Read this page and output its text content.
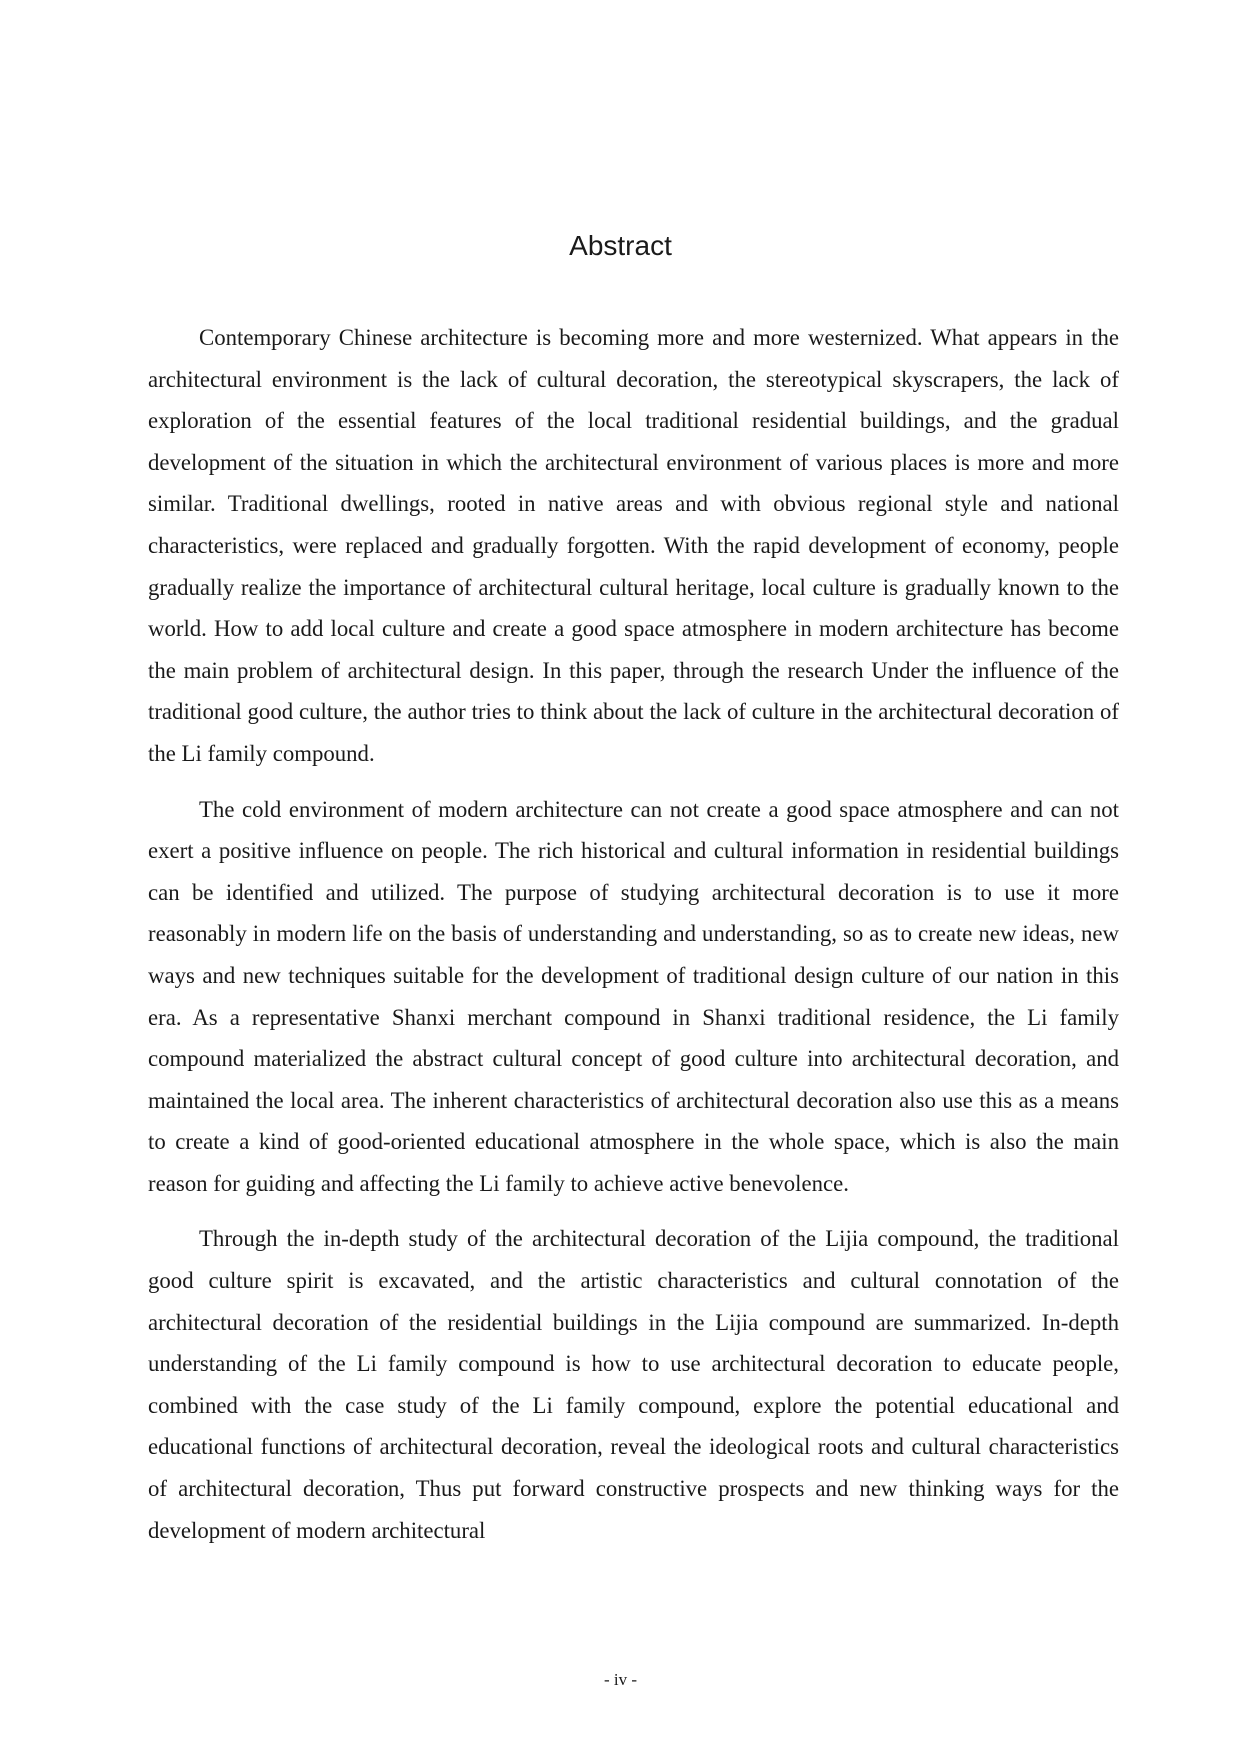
Abstract

Contemporary Chinese architecture is becoming more and more westernized. What appears in the architectural environment is the lack of cultural decoration, the stereotypical skyscrapers, the lack of exploration of the essential features of the local traditional residential buildings, and the gradual development of the situation in which the architectural environment of various places is more and more similar. Traditional dwellings, rooted in native areas and with obvious regional style and national characteristics, were replaced and gradually forgotten. With the rapid development of economy, people gradually realize the importance of architectural cultural heritage, local culture is gradually known to the world. How to add local culture and create a good space atmosphere in modern architecture has become the main problem of architectural design. In this paper, through the research Under the influence of the traditional good culture, the author tries to think about the lack of culture in the architectural decoration of the Li family compound.

The cold environment of modern architecture can not create a good space atmosphere and can not exert a positive influence on people. The rich historical and cultural information in residential buildings can be identified and utilized. The purpose of studying architectural decoration is to use it more reasonably in modern life on the basis of understanding and understanding, so as to create new ideas, new ways and new techniques suitable for the development of traditional design culture of our nation in this era. As a representative Shanxi merchant compound in Shanxi traditional residence, the Li family compound materialized the abstract cultural concept of good culture into architectural decoration, and maintained the local area. The inherent characteristics of architectural decoration also use this as a means to create a kind of good-oriented educational atmosphere in the whole space, which is also the main reason for guiding and affecting the Li family to achieve active benevolence.

Through the in-depth study of the architectural decoration of the Lijia compound, the traditional good culture spirit is excavated, and the artistic characteristics and cultural connotation of the architectural decoration of the residential buildings in the Lijia compound are summarized. In-depth understanding of the Li family compound is how to use architectural decoration to educate people, combined with the case study of the Li family compound, explore the potential educational and educational functions of architectural decoration, reveal the ideological roots and cultural characteristics of architectural decoration, Thus put forward constructive prospects and new thinking ways for the development of modern architectural

- iv -
